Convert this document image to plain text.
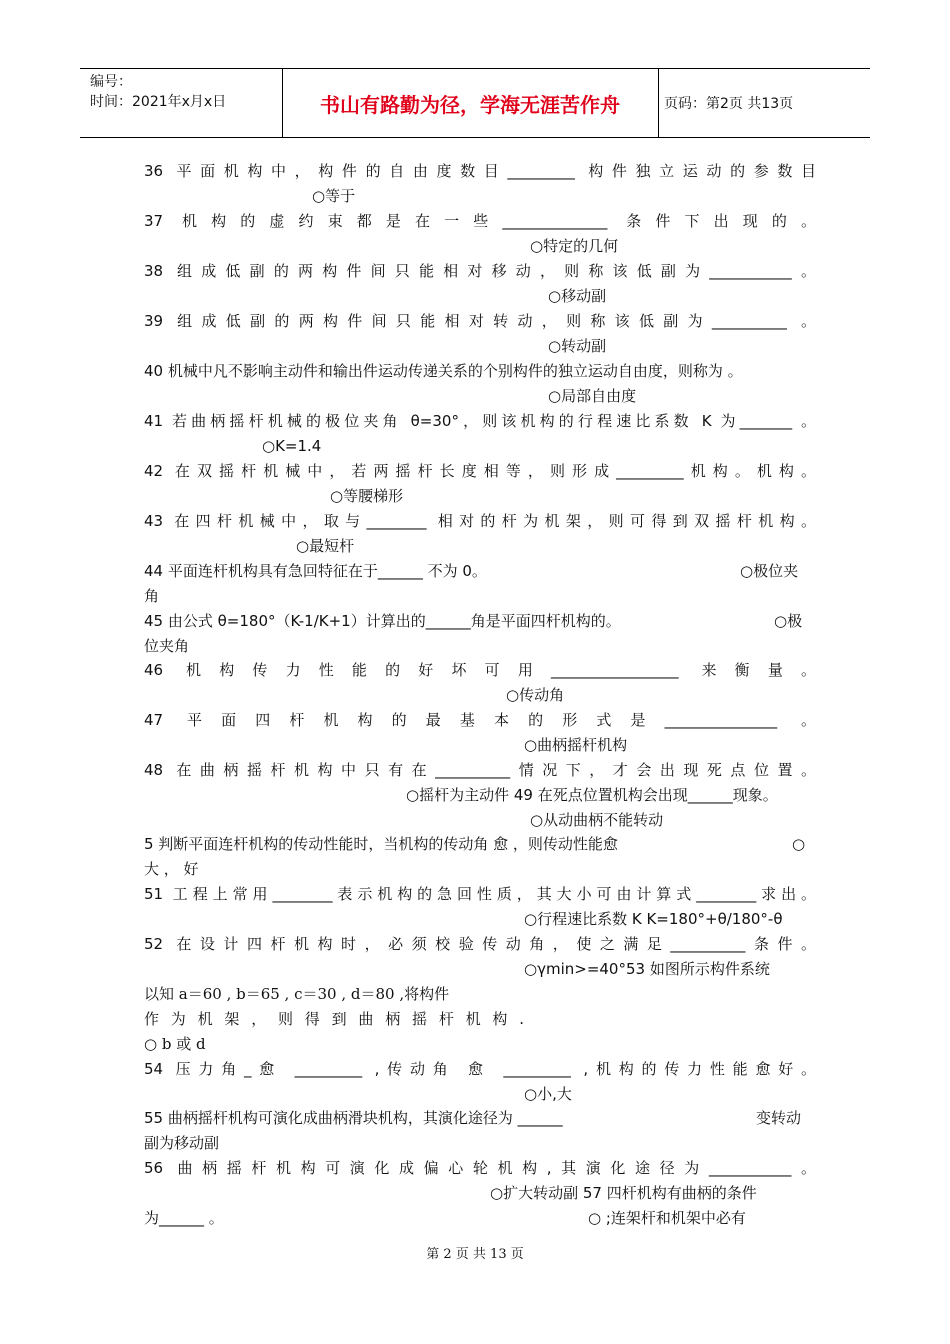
编号：
时间：2021年x月x日	书山有路勤为径，学海无涯苦作舟	页码：第2页 共13页
36 平面机构中，构件的自由度数目_________ 构件独立运动的参数目
○等于
37 机构的虚约束都是在一些______________ 条件下出现的。
○特定的几何
38 组成低副的两构件间只能相对移动，则称该低副为___________。
○移动副
39 组成低副的两构件间只能相对转动，则称该低副为__________ 。
○转动副
40 机械中凡不影响主动件和输出件运动传递关系的个别构件的独立运动自由度，则称为 。
○局部自由度
41 若曲柄摇杆机械的极位夹角 θ=30°，则该机构的行程速比系数 K 为_______ 。
○K=1.4
42 在双摇杆机械中，若两摇杆长度相等，则形成_________机构。机构。
○等腰梯形
43 在四杆机械中，取与________ 相对的杆为机架，则可得到双摇杆机构。
○最短杆
44 平面连杆机构具有急回特征在于______ 不为 0。	○极位夹
角
45 由公式 θ=180°（K-1/K+1）计算出的______角是平面四杆机构的。	○极
位夹角
46 机构传力性能的好坏可用_________________ 来衡量。
○传动角
47 平面四杆机构的最基本的形式是_______________ 。
○曲柄摇杆机构
48 在曲柄摇杆机构中只有在__________情况下，才会出现死点位置。
○摇杆为主动件 49 在死点位置机构会出现______现象。
○从动曲柄不能转动
5 判断平面连杆机构的传动性能时，当机构的传动角 愈 ，则传动性能愈	○
大 ， 好
51 工程上常用________表示机构的急回性质，其大小可由计算式________求出。
○行程速比系数 K K=180°+θ/180°-θ
52 在设计四杆机构时，必须校验传动角，使之满足__________条件。
○γmin>=40°53 如图所示构件系统
以知 a＝60 , b＝65 , c＝30 , d＝80 ,将构件
作为机架，则得到曲柄摇杆机构.
○ b 或 d
54 压力角_愈 _________ ,传动角 愈 _________ ,机构的传力性能愈好。
○小,大
55 曲柄摇杆机构可演化成曲柄滑块机构，其演化途径为 ______	变转动
副为移动副
56 曲柄摇杆机构可演化成偏心轮机构,其演化途径为___________。
○扩大转动副 57 四杆机构有曲柄的条件
为______ 。	○ ;连架杆和机架中必有
第 2 页 共 13 页
